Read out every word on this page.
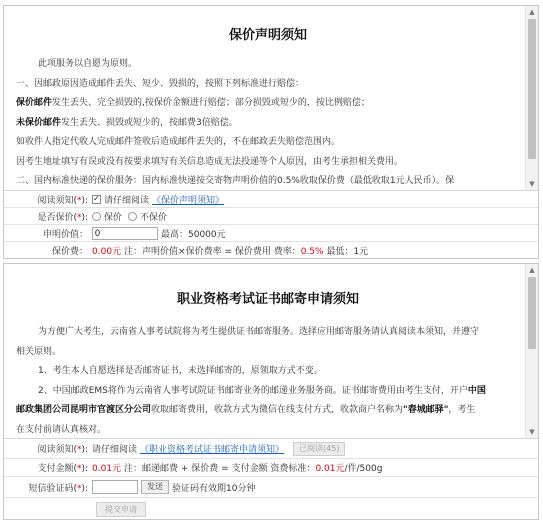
保价声明须知
此项服务以自愿为原则。
一、因邮政原因造成邮件丢失、短少、毁损的，按照下列标准进行赔偿：
保价邮件发生丢失、完全损毁的,按保价金额进行赔偿；部分损毁或短少的，按比例赔偿；
未保价邮件发生丢失、损毁或短少的，按邮费3倍赔偿。
如收件人指定代收人完成邮件签收后造成邮件丢失的，不在邮政丢失赔偿范围内。
因考生地址填写有误或没有按要求填写有关信息造成无法投递等个人原因，由考生承担相关费用。
二、国内标准快递的保价服务：国内标准快递按交寄物声明价值的0.5%收取保价费（最低收取1元人民币）。保
▲
▼
阅读须知(*): ✓ 请仔细阅读 《保价声明须知》
是否保价(*):	保价 不保价
申明价值：
0	最高：50000元
保价费： 0.00元 注：声明价值×保价费率 = 保价费用 费率：0.5% 最低：1元
职业资格考试证书邮寄申请须知
为方便广大考生，云南省人事考试院将为考生提供证书邮寄服务。选择应用邮寄服务请认真阅读本须知，并遵守
相关原则。
1、考生本人自愿选择是否邮寄证书，未选择邮寄的，原领取方式不变。
2、中国邮政EMS将作为云南省人事考试院证书邮寄业务的邮递业务服务商。证书邮寄费用由考生支付，开户中国
邮政集团公司昆明市官渡区分公司收取邮寄费用，收款方式为微信在线支付方式，收款商户名称为"春城邮驿"，考生
在支付前请认真核对。
▲
▼
阅读须知(*): 请仔细阅读 《职业资格考试证书邮寄申请须知》	已阅读(45)
支付金额(*): 0.01元 注：邮递邮费 + 保价费 = 支付金额 资费标准：0.01元/件/500g
短信验证码(*):	发送	验证码有效期10分钟
提交申请
